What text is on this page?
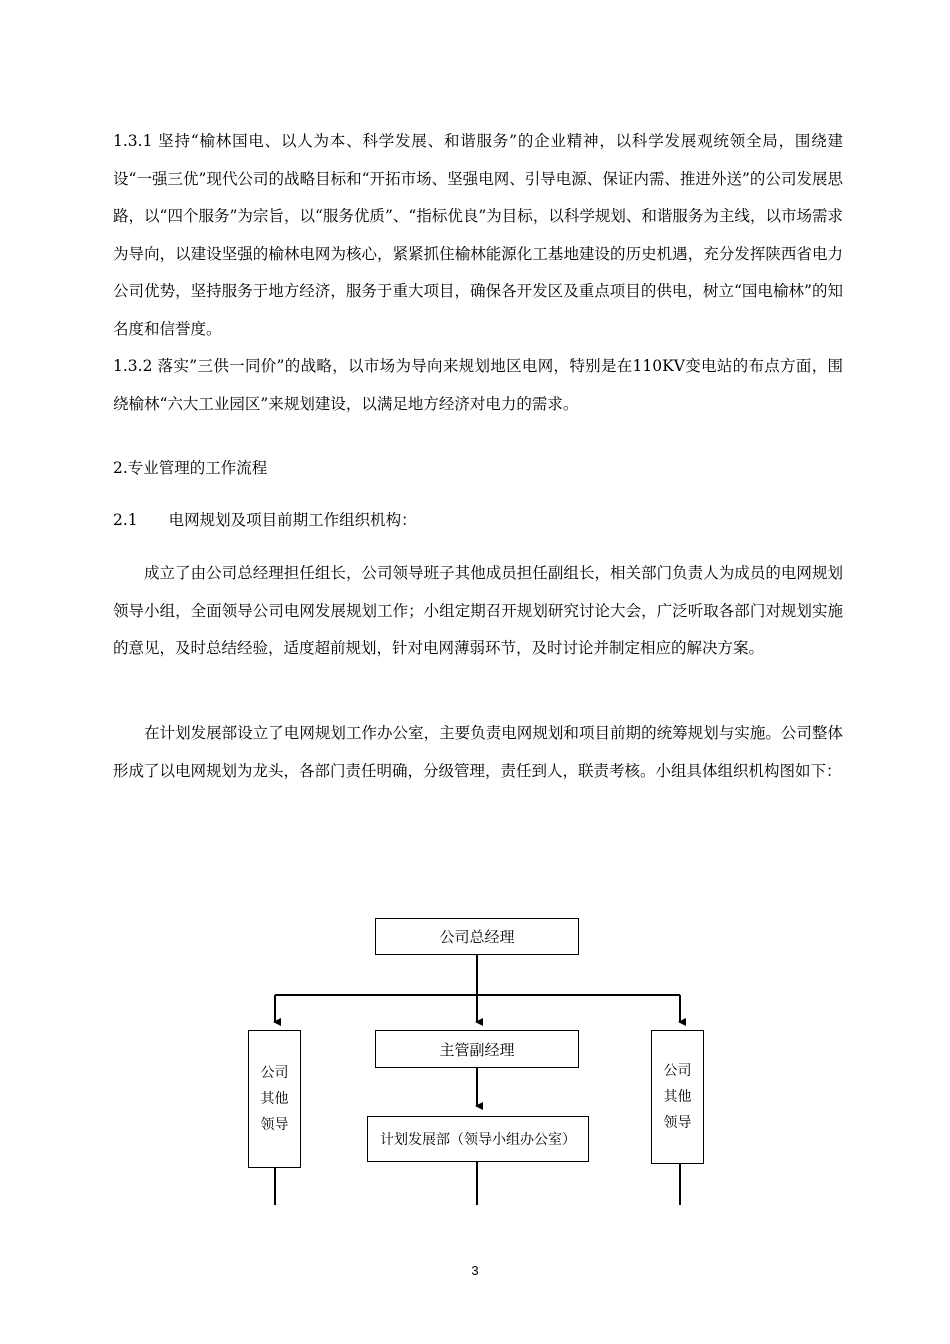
1.3.1 坚持“榆林国电、以人为本、科学发展、和谐服务”的企业精神，以科学发展观统领全局，围绕建设“一强三优”现代公司的战略目标和“开拓市场、坚强电网、引导电源、保证内需、推进外送”的公司发展思路，以“四个服务”为宗旨，以“服务优质”、“指标优良”为目标，以科学规划、和谐服务为主线，以市场需求为导向，以建设坚强的榆林电网为核心，紧紧抓住榆林能源化工基地建设的历史机遇，充分发挥陕西省电力公司优势，坚持服务于地方经济，服务于重大项目，确保各开发区及重点项目的供电，树立“国电榆林”的知名度和信誉度。

1.3.2 落实”三供一同价”的战略，以市场为导向来规划地区电网，特别是在110KV变电站的布点方面，围绕榆林“六大工业园区”来规划建设，以满足地方经济对电力的需求。

2.专业管理的工作流程

2.1　　电网规划及项目前期工作组织机构：

成立了由公司总经理担任组长，公司领导班子其他成员担任副组长，相关部门负责人为成员的电网规划领导小组，全面领导公司电网发展规划工作；小组定期召开规划研究讨论大会，广泛听取各部门对规划实施的意见，及时总结经验，适度超前规划，针对电网薄弱环节，及时讨论并制定相应的解决方案。

在计划发展部设立了电网规划工作办公室，主要负责电网规划和项目前期的统筹规划与实施。公司整体形成了以电网规划为龙头，各部门责任明确，分级管理，责任到人，联责考核。小组具体组织机构图如下：

公司总经理
主管副经理
计划发展部（领导小组办公室）
公司
其他
领导
公司
其他
领导
3
